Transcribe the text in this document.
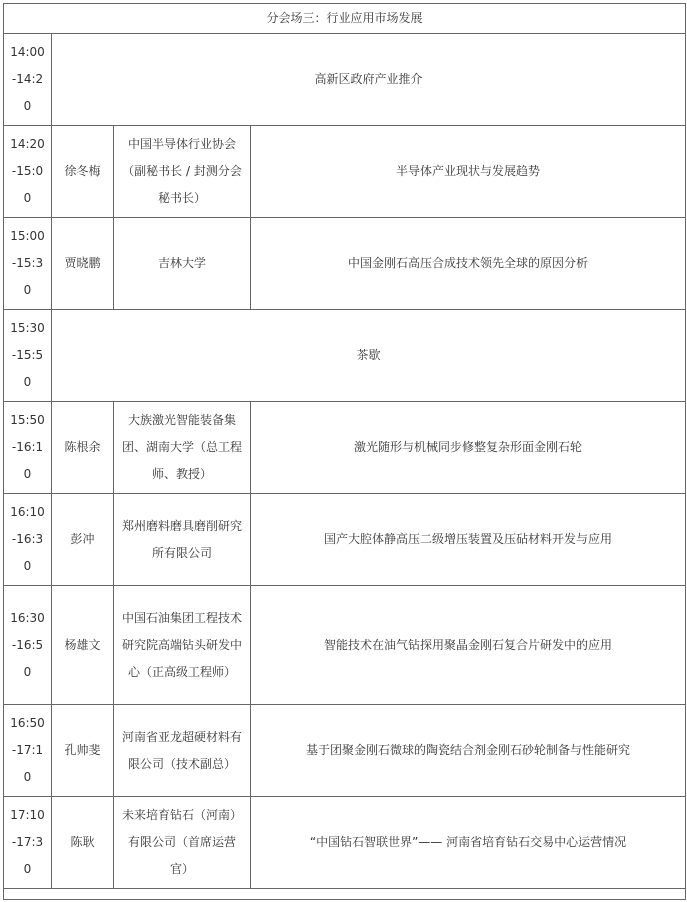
分会场三：行业应用市场发展			
14:00-14:20	高新区政府产业推介		
14:20-15:00	徐冬梅	中国半导体行业协会（副秘书长 / 封测分会秘书长）	半导体产业现状与发展趋势
15:00-15:30	贾晓鹏	吉林大学	中国金刚石高压合成技术领先全球的原因分析
15:30-15:50	茶歇		
15:50-16:10	陈根余	大族激光智能装备集团、湖南大学（总工程师、教授）	激光随形与机械同步修整复杂形面金刚石轮
16:10-16:30	彭冲	郑州磨料磨具磨削研究所有限公司	国产大腔体静高压二级增压装置及压砧材料开发与应用
16:30-16:50	杨雄文	中国石油集团工程技术研究院高端钻头研发中心（正高级工程师）	智能技术在油气钻探用聚晶金刚石复合片研发中的应用
16:50-17:10	孔帅斐	河南省亚龙超硬材料有限公司（技术副总）	基于团聚金刚石微球的陶瓷结合剂金刚石砂轮制备与性能研究
17:10-17:30	陈耿	未来培育钻石（河南）有限公司（首席运营官）	“中国钻石智联世界”—— 河南省培育钻石交易中心运营情况
